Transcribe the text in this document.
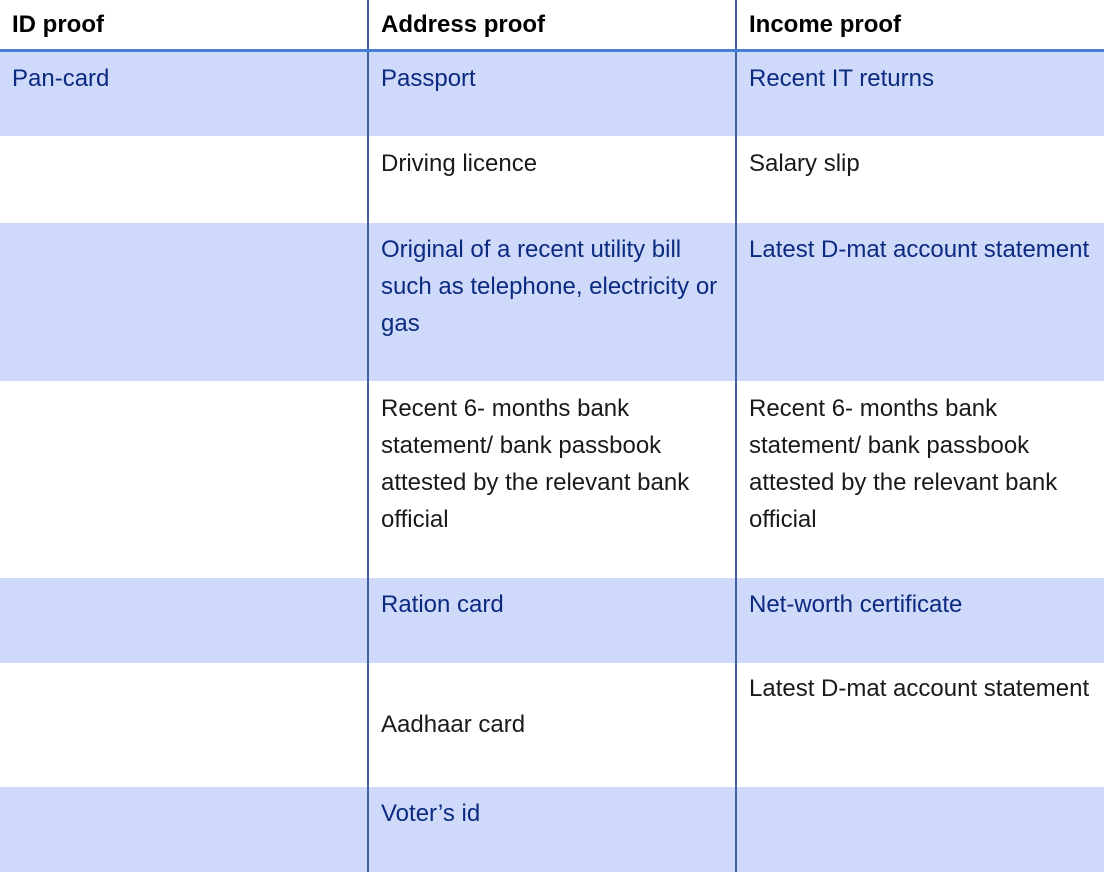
ID proof	Address proof	Income proof
Pan-card	Passport	Recent IT returns
	Driving licence	Salary slip
	Original of a recent utility bill such as telephone, electricity or gas	Latest D-mat account statement
	Recent 6- months bank statement/ bank passbook attested by the relevant bank official	Recent 6- months bank statement/ bank passbook attested by the relevant bank official
	Ration card	Net-worth certificate
	Aadhaar card	Latest D-mat account statement
	Voter’s id	
